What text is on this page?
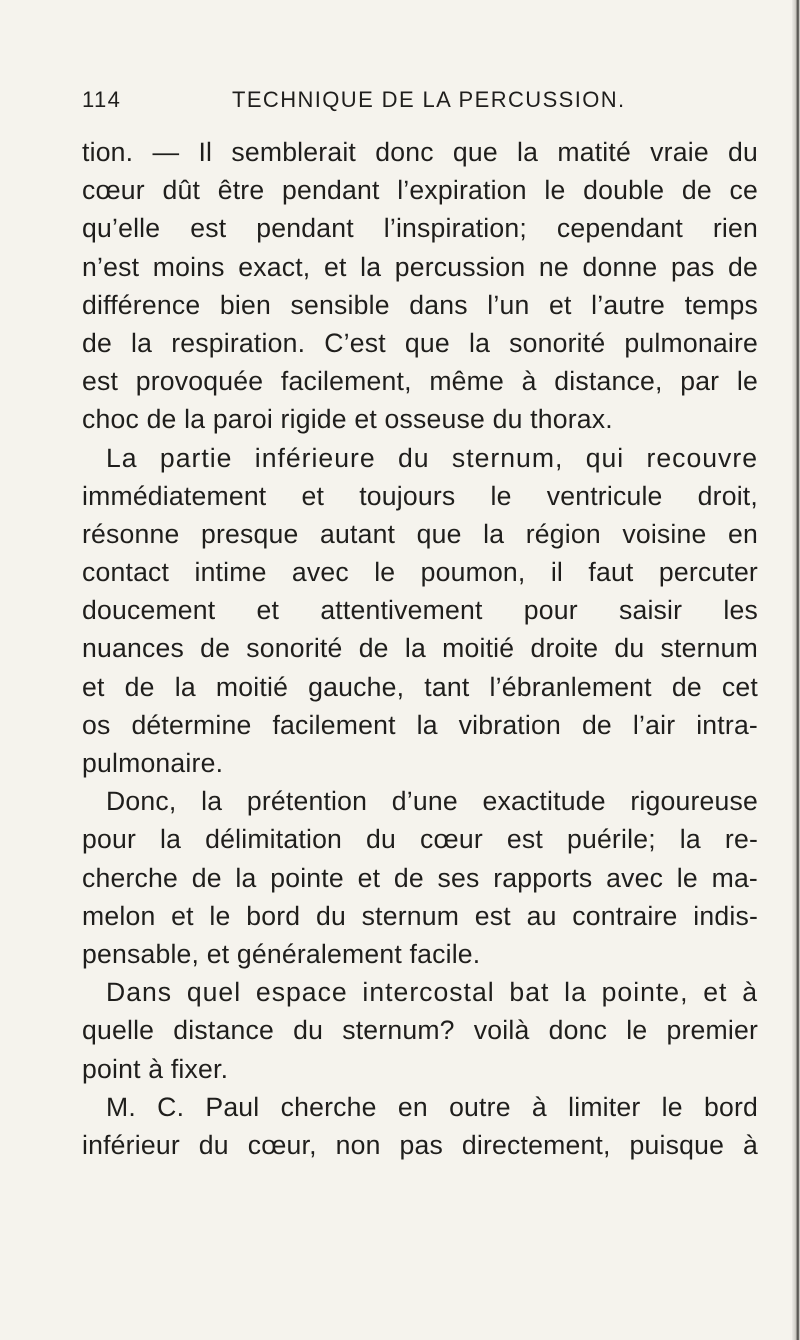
114	TECHNIQUE DE LA PERCUSSION.
tion. — Il semblerait donc que la matité vraie du
cœur dût être pendant l’expiration le double de ce
qu’elle est pendant l’inspiration; cependant rien
n’est moins exact, et la percussion ne donne pas de
différence bien sensible dans l’un et l’autre temps
de la respiration. C’est que la sonorité pulmonaire
est provoquée facilement, même à distance, par le
choc de la paroi rigide et osseuse du thorax.
La partie inférieure du sternum, qui recouvre
immédiatement et toujours le ventricule droit,
résonne presque autant que la région voisine en
contact intime avec le poumon, il faut percuter
doucement et attentivement pour saisir les
nuances de sonorité de la moitié droite du sternum
et de la moitié gauche, tant l’ébranlement de cet
os détermine facilement la vibration de l’air intra-
pulmonaire.
Donc, la prétention d’une exactitude rigoureuse
pour la délimitation du cœur est puérile; la re-
cherche de la pointe et de ses rapports avec le ma-
melon et le bord du sternum est au contraire indis-
pensable, et généralement facile.
Dans quel espace intercostal bat la pointe, et à
quelle distance du sternum? voilà donc le premier
point à fixer.
M. C. Paul cherche en outre à limiter le bord
inférieur du cœur, non pas directement, puisque à
